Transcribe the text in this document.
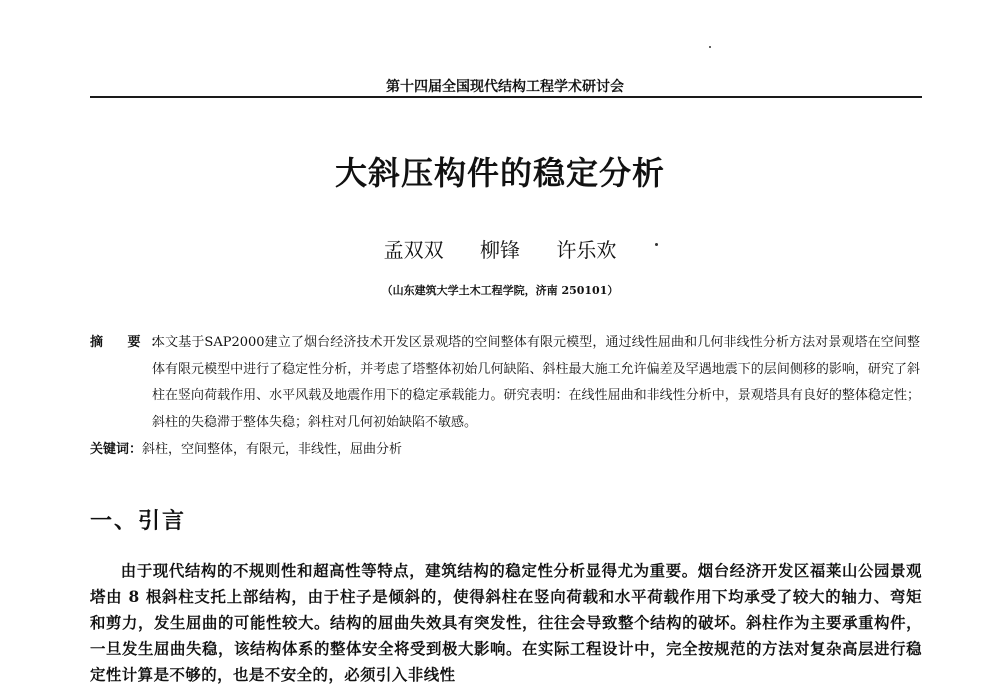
第十四届全国现代结构工程学术研讨会
大斜压构件的稳定分析
孟双双 柳锋 许乐欢
（山东建筑大学土木工程学院，济南 250101）
摘 要：
本文基于SAP2000建立了烟台经济技术开发区景观塔的空间整体有限元模型，通过线性屈曲和几何非线性分析方法对景观塔在空间整体有限元模型中进行了稳定性分析，并考虑了塔整体初始几何缺陷、斜柱最大施工允许偏差及罕遇地震下的层间侧移的影响，研究了斜柱在竖向荷载作用、水平风载及地震作用下的稳定承载能力。研究表明：在线性屈曲和非线性分析中，景观塔具有良好的整体稳定性；斜柱的失稳滞于整体失稳；斜柱对几何初始缺陷不敏感。
关键词：斜柱，空间整体，有限元，非线性，屈曲分析
一、引言
由于现代结构的不规则性和超高性等特点，建筑结构的稳定性分析显得尤为重要。烟台经济开发区福莱山公园景观塔由 8 根斜柱支托上部结构，由于柱子是倾斜的，使得斜柱在竖向荷载和水平荷载作用下均承受了较大的轴力、弯矩和剪力，发生屈曲的可能性较大。结构的屈曲失效具有突发性，往往会导致整个结构的破坏。斜柱作为主要承重构件，一旦发生屈曲失稳，该结构体系的整体安全将受到极大影响。在实际工程设计中，完全按规范的方法对复杂高层进行稳定性计算是不够的，也是不安全的，必须引入非线性
